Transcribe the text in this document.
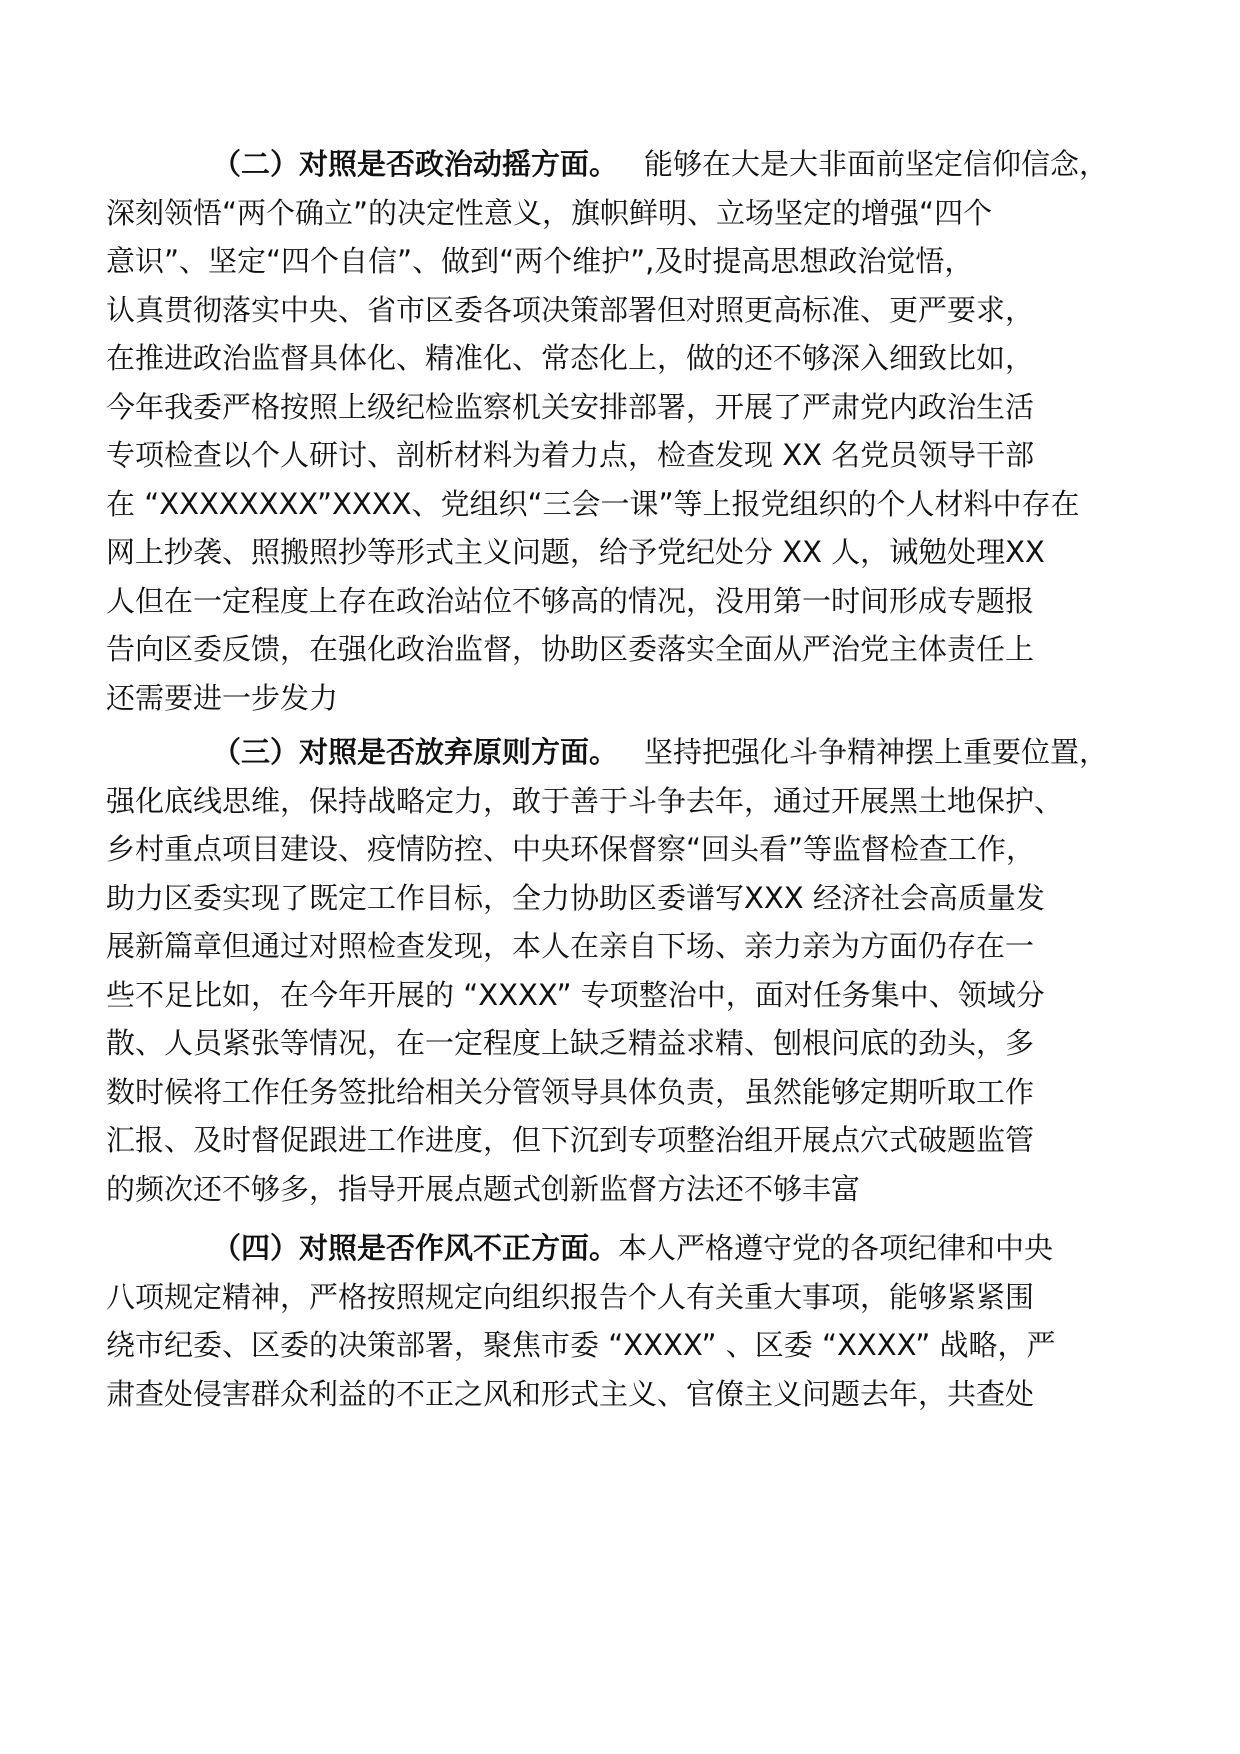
（二）对照是否政治动摇方面。 能够在大是大非面前坚定信仰信念，
深刻领悟“两个确立”的决定性意义，旗帜鲜明、立场坚定的增强“四个
意识”、坚定“四个自信”、做到“两个维护”,及时提高思想政治觉悟，
认真贯彻落实中央、省市区委各项决策部署但对照更高标准、更严要求，
在推进政治监督具体化、精准化、常态化上，做的还不够深入细致比如，
今年我委严格按照上级纪检监察机关安排部署，开展了严肃党内政治生活
专项检查以个人研讨、剖析材料为着力点，检查发现 XX 名党员领导干部
在 “XXXXXXXX”XXXX、党组织“三会一课”等上报党组织的个人材料中存在
网上抄袭、照搬照抄等形式主义问题，给予党纪处分 XX 人，诫勉处理XX
人但在一定程度上存在政治站位不够高的情况，没用第一时间形成专题报
告向区委反馈，在强化政治监督，协助区委落实全面从严治党主体责任上
还需要进一步发力
（三）对照是否放弃原则方面。 坚持把强化斗争精神摆上重要位置，
强化底线思维，保持战略定力，敢于善于斗争去年，通过开展黑土地保护、
乡村重点项目建设、疫情防控、中央环保督察“回头看”等监督检查工作，
助力区委实现了既定工作目标，全力协助区委谱写XXX 经济社会高质量发
展新篇章但通过对照检查发现，本人在亲自下场、亲力亲为方面仍存在一
些不足比如，在今年开展的 “XXXX” 专项整治中，面对任务集中、领域分
散、人员紧张等情况，在一定程度上缺乏精益求精、刨根问底的劲头，多
数时候将工作任务签批给相关分管领导具体负责，虽然能够定期听取工作
汇报、及时督促跟进工作进度，但下沉到专项整治组开展点穴式破题监管
的频次还不够多，指导开展点题式创新监督方法还不够丰富
（四）对照是否作风不正方面。本人严格遵守党的各项纪律和中央
八项规定精神，严格按照规定向组织报告个人有关重大事项，能够紧紧围
绕市纪委、区委的决策部署，聚焦市委 “XXXX” 、区委 “XXXX” 战略，严
肃查处侵害群众利益的不正之风和形式主义、官僚主义问题去年，共查处
